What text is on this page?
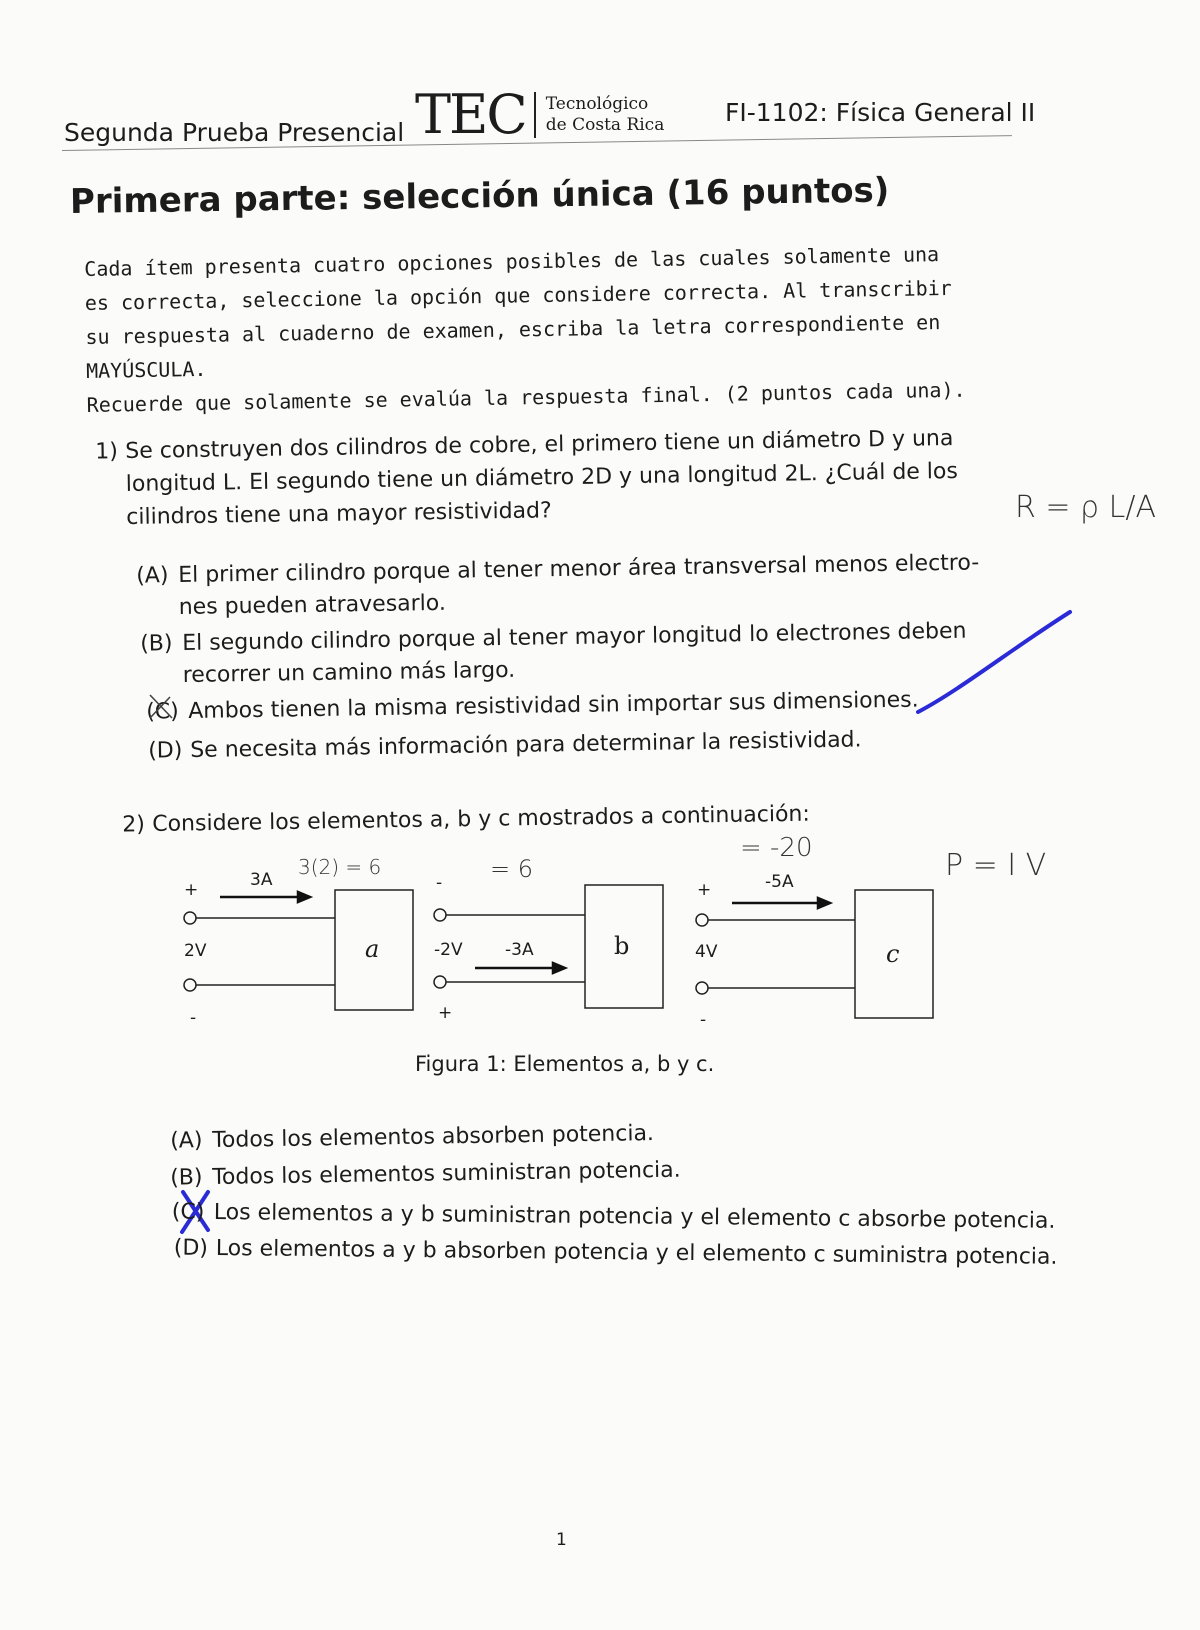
Segunda Prueba Presencial TEC Tecnológico
de Costa Rica FI-1102: Física General II
Primera parte: selección única (16 puntos)

Cada ítem presenta cuatro opciones posibles de las cuales solamente una

es correcta, seleccione la opción que considere correcta. Al transcribir

su respuesta al cuaderno de examen, escriba la letra correspondiente en

MAYÚSCULA.

Recuerde que solamente se evalúa la respuesta final. (2 puntos cada una).

1) Se construyen dos cilindros de cobre, el primero tiene un diámetro D y una
longitud L. El segundo tiene un diámetro 2D y una longitud 2L. ¿Cuál de los
cilindros tiene una mayor resistividad?
(A) El primer cilindro porque al tener menor área transversal menos electro-
nes pueden atravesarlo.
(B) El segundo cilindro porque al tener mayor longitud lo electrones deben
recorrer un camino más largo.
(C) Ambos tienen la misma resistividad sin importar sus dimensiones.
(D) Se necesita más información para determinar la resistividad.
R = ρ L/A
2) Considere los elementos a, b y c mostrados a continuación:
+	3A
2V
-
a
3(2) = 6
-
-2V -3A
+
b
= 6
+	-5A
4V
-
c
= -20	P = I V
Figura 1: Elementos a, b y c.
(A) Todos los elementos absorben potencia.
(B) Todos los elementos suministran potencia.
(C) Los elementos a y b suministran potencia y el elemento c absorbe potencia.
(D) Los elementos a y b absorben potencia y el elemento c suministra potencia.
1
